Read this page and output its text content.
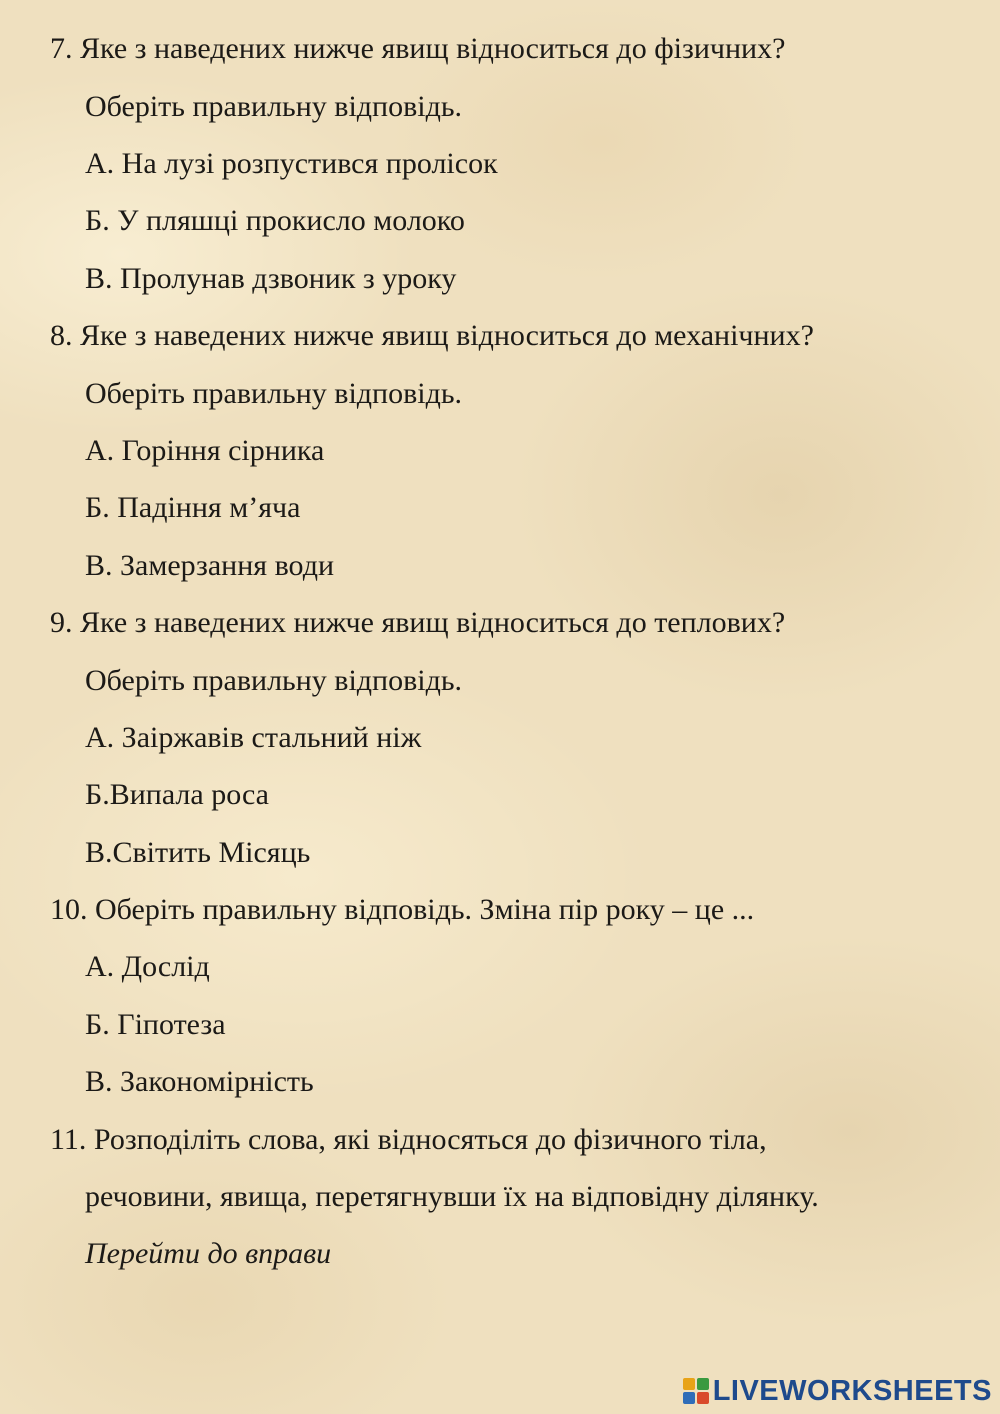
7. Яке з наведених нижче явищ відноситься до фізичних?

Оберіть правильну відповідь.

А. На лузі розпустився пролісок

Б. У пляшці прокисло молоко

В. Пролунав дзвоник з уроку

8. Яке з наведених нижче явищ відноситься до механічних?

Оберіть правильну відповідь.

А. Горіння сірника

Б. Падіння м’яча

В. Замерзання води

9. Яке з наведених нижче явищ відноситься до теплових?

Оберіть правильну відповідь.

А. Заіржавів стальний ніж

Б.Випала роса

В.Світить Місяць

10. Оберіть правильну відповідь. Зміна пір року – це ...

А. Дослід

Б. Гіпотеза

В. Закономірність

11. Розподіліть слова, які відносяться до фізичного тіла,

речовини, явища, перетягнувши їх на відповідну ділянку.

Перейти до вправи

LIVEWORKSHEETS
